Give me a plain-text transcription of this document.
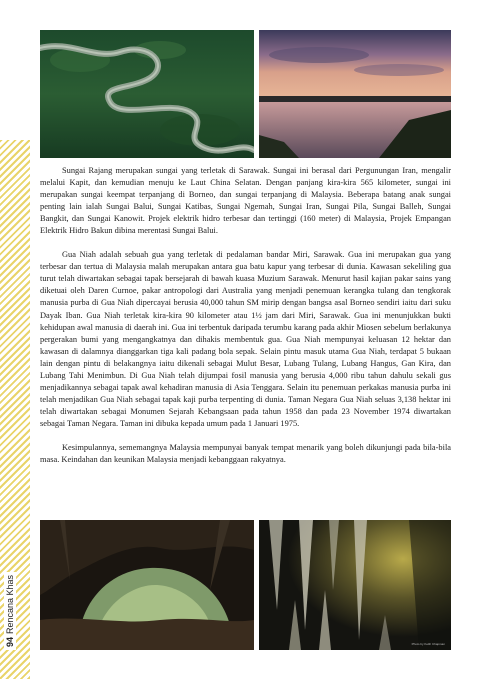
94Rencana Khas

Sungai Rajang merupakan sungai yang terletak di Sarawak. Sungai ini berasal dari Pergunungan Iran, mengalir melalui Kapit, dan kemudian menuju ke Laut China Selatan. Dengan panjang kira-kira 565 kilometer, sungai ini merupakan sungai keempat terpanjang di Borneo, dan sungai terpanjang di Malaysia. Beberapa batang anak sungai penting lain ialah Sungai Balui, Sungai Katibas, Sungai Ngemah, Sungai Iran, Sungai Pila, Sungai Balleh, Sungai Bangkit, dan Sungai Kanowit. Projek elektrik hidro terbesar dan tertinggi (160 meter) di Malaysia, Projek Empangan Elektrik Hidro Bakun dibina merentasi Sungai Balui.

Gua Niah adalah sebuah gua yang terletak di pedalaman bandar Miri, Sarawak. Gua ini merupakan gua yang terbesar dan tertua di Malaysia malah merupakan antara gua batu kapur yang terbesar di dunia. Kawasan sekeliling gua turut telah diwartakan sebagai tapak bersejarah di bawah kuasa Muzium Sarawak. Menurut hasil kajian pakar sains yang diketuai oleh Daren Curnoe, pakar antropologi dari Australia yang menjadi penemuan kerangka tulang dan tengkorak manusia purba di Gua Niah dipercayai berusia 40,000 tahun SM mirip dengan bangsa asal Borneo sendiri iaitu dari suku Dayak Iban. Gua Niah terletak kira-kira 90 kilometer atau 1½ jam dari Miri, Sarawak. Gua ini menunjukkan bukti kehidupan awal manusia di daerah ini. Gua ini terbentuk daripada terumbu karang pada akhir Miosen sebelum berlakunya pergerakan bumi yang mengangkatnya dan dihakis membentuk gua. Gua Niah mempunyai keluasan 12 hektar dan kawasan di dalamnya dianggarkan tiga kali padang bola sepak. Selain pintu masuk utama Gua Niah, terdapat 5 bukaan lain dengan pintu di belakangnya iaitu dikenali sebagai Mulut Besar, Lubang Tulang, Lubang Hangus, Gan Kira, dan Lubang Tahi Menimbun. Di Gua Niah telah dijumpai fosil manusia yang berusia 4,000 ribu tahun dahulu sekali gus menjadikannya sebagai tapak awal kehadiran manusia di Asia Tenggara. Selain itu penemuan perkakas manusia purba ini telah menjadikan Gua Niah sebagai tapak kaji purba terpenting di dunia. Taman Negara Gua Niah seluas 3,138 hektar ini telah diwartakan sebagai Monumen Sejarah Kebangsaan pada tahun 1958 dan pada 23 November 1974 diwartakan sebagai Taman Negara. Taman ini dibuka kepada umum pada 1 Januari 1975.

Kesimpulannya, sememangnya Malaysia mempunyai banyak tempat menarik yang boleh dikunjungi pada bila-bila masa. Keindahan dan keunikan Malaysia menjadi kebanggaan rakyatnya.

Photo by Keith Chapman
